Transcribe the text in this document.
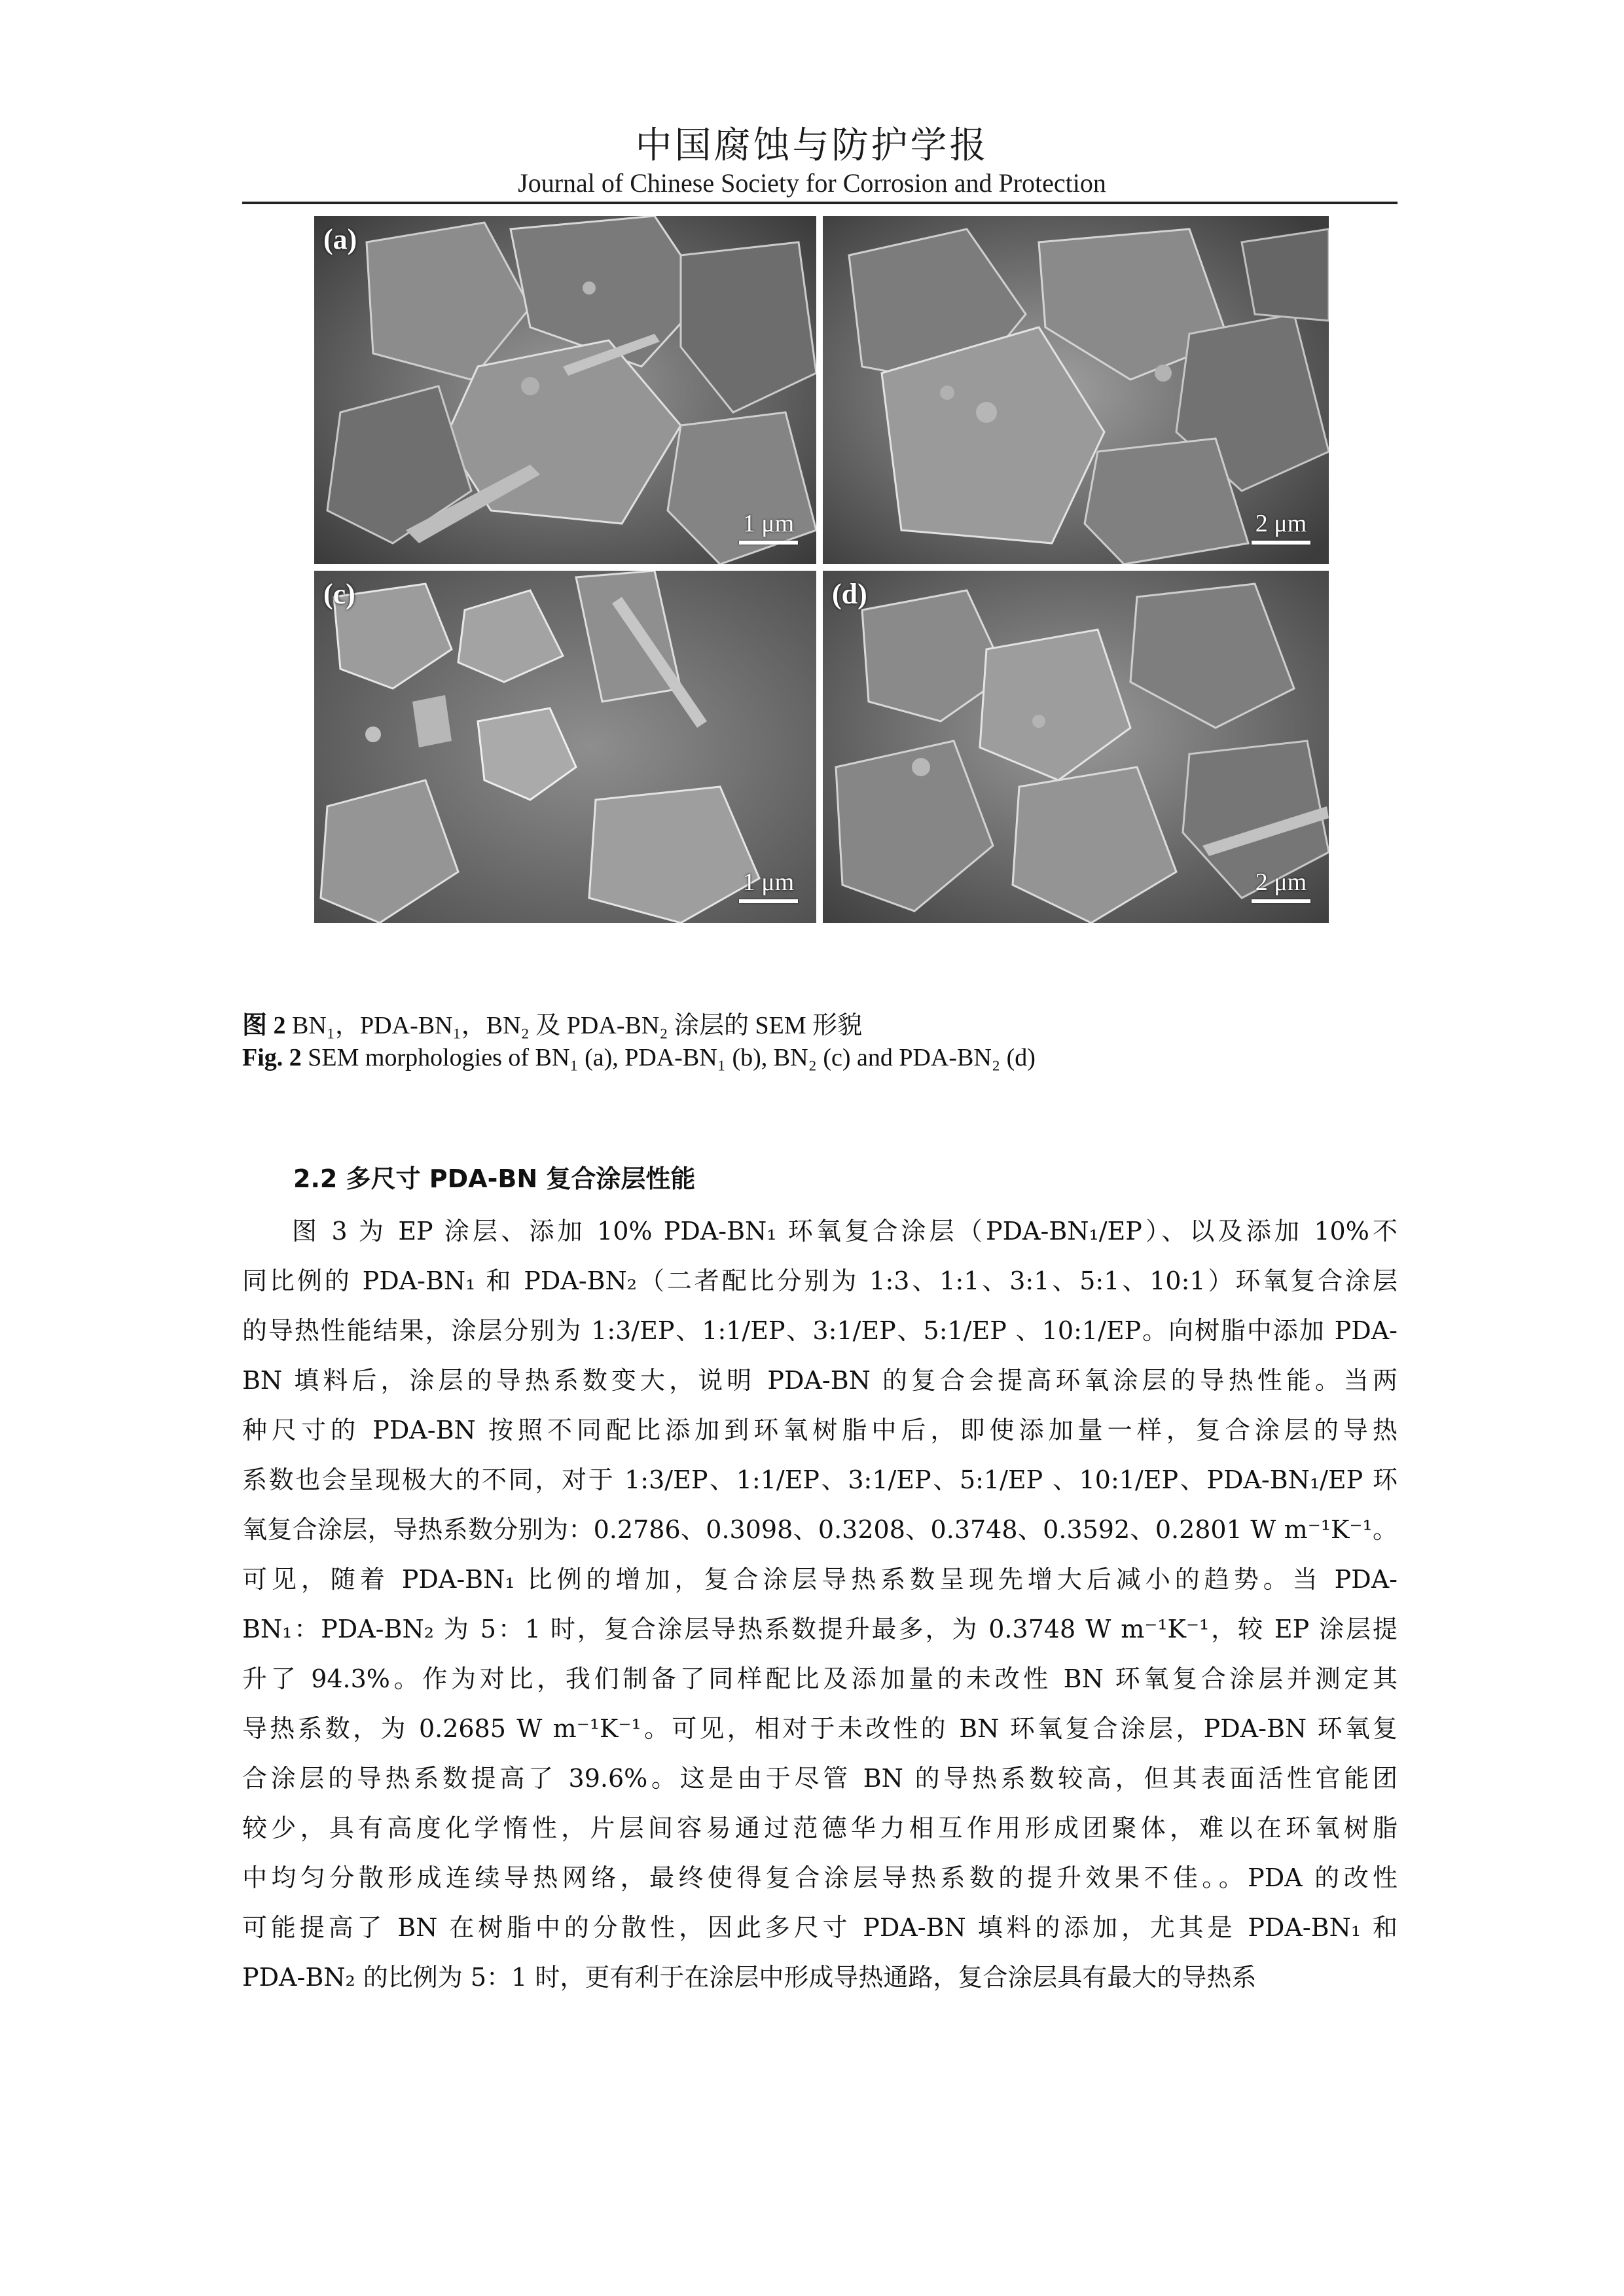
中国腐蚀与防护学报
Journal of Chinese Society for Corrosion and Protection
(a)
1 μm	2 μm
(c)
1 μm
(d)
2 μm
图 2 BN₁，PDA-BN₁，BN₂ 及 PDA-BN₂ 涂层的 SEM 形貌
Fig. 2 SEM morphologies of BN₁ (a), PDA-BN₁ (b), BN₂ (c) and PDA-BN₂ (d)
2.2 多尺寸 PDA-BN 复合涂层性能
图 3 为 EP 涂层、添加 10% PDA-BN₁ 环氧复合涂层（PDA-BN₁/EP）、以及添加 10%不
同比例的 PDA-BN₁ 和 PDA-BN₂（二者配比分别为 1:3、1:1、3:1、5:1、10:1）环氧复合涂层
的导热性能结果，涂层分别为 1:3/EP、1:1/EP、3:1/EP、5:1/EP 、10:1/EP。向树脂中添加 PDA-
BN 填料后，涂层的导热系数变大，说明 PDA-BN 的复合会提高环氧涂层的导热性能。当两
种尺寸的 PDA-BN 按照不同配比添加到环氧树脂中后，即使添加量一样，复合涂层的导热
系数也会呈现极大的不同，对于 1:3/EP、1:1/EP、3:1/EP、5:1/EP 、10:1/EP、PDA-BN₁/EP 环
氧复合涂层，导热系数分别为：0.2786、0.3098、0.3208、0.3748、0.3592、0.2801 W m⁻¹K⁻¹。
可见，随着 PDA-BN₁ 比例的增加，复合涂层导热系数呈现先增大后减小的趋势。当 PDA-
BN₁：PDA-BN₂ 为 5：1 时，复合涂层导热系数提升最多，为 0.3748 W m⁻¹K⁻¹，较 EP 涂层提
升了 94.3%。作为对比，我们制备了同样配比及添加量的未改性 BN 环氧复合涂层并测定其
导热系数，为 0.2685 W m⁻¹K⁻¹。可见，相对于未改性的 BN 环氧复合涂层，PDA-BN 环氧复
合涂层的导热系数提高了 39.6%。这是由于尽管 BN 的导热系数较高，但其表面活性官能团
较少，具有高度化学惰性，片层间容易通过范德华力相互作用形成团聚体，难以在环氧树脂
中均匀分散形成连续导热网络，最终使得复合涂层导热系数的提升效果不佳。。PDA 的改性
可能提高了 BN 在树脂中的分散性，因此多尺寸 PDA-BN 填料的添加，尤其是 PDA-BN₁ 和
PDA-BN₂ 的比例为 5：1 时，更有利于在涂层中形成导热通路，复合涂层具有最大的导热系
